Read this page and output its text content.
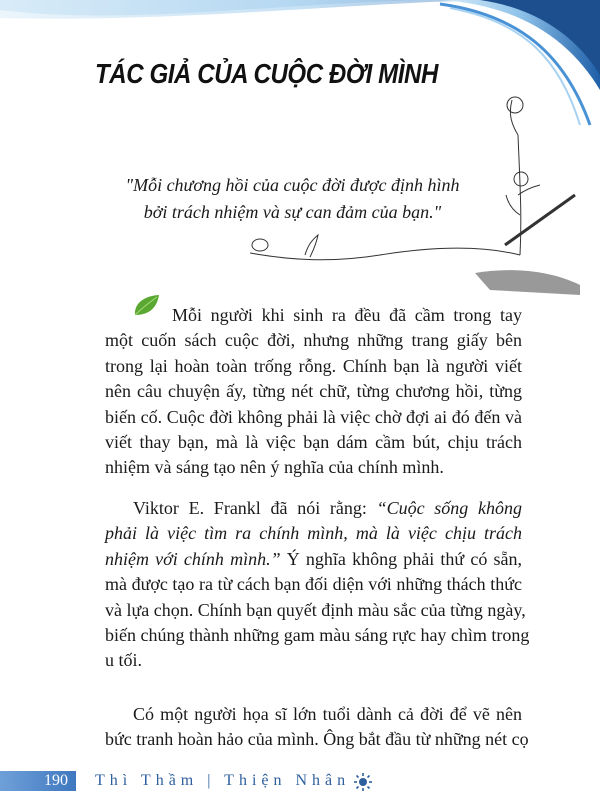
TÁC GIẢ CỦA CUỘC ĐỜI MÌNH
"Mỗi chương hồi của cuộc đời được định hình
bởi trách nhiệm và sự can đảm của bạn."
Mỗi người khi sinh ra đều đã cầm trong tay
một cuốn sách cuộc đời, nhưng những trang giấy bên
trong lại hoàn toàn trống rỗng. Chính bạn là người viết
nên câu chuyện ấy, từng nét chữ, từng chương hồi, từng
biến cố. Cuộc đời không phải là việc chờ đợi ai đó đến và
viết thay bạn, mà là việc bạn dám cầm bút, chịu trách
nhiệm và sáng tạo nên ý nghĩa của chính mình.
Viktor E. Frankl đã nói rằng: “Cuộc sống không
phải là việc tìm ra chính mình, mà là việc chịu trách
nhiệm với chính mình.” Ý nghĩa không phải thứ có sẵn,
mà được tạo ra từ cách bạn đối diện với những thách thức
và lựa chọn. Chính bạn quyết định màu sắc của từng ngày,
biến chúng thành những gam màu sáng rực hay chìm trong
u tối.
Có một người họa sĩ lớn tuổi dành cả đời để vẽ nên
bức tranh hoàn hảo của mình. Ông bắt đầu từ những nét cọ
190 Thì Thầm | Thiện Nhân
